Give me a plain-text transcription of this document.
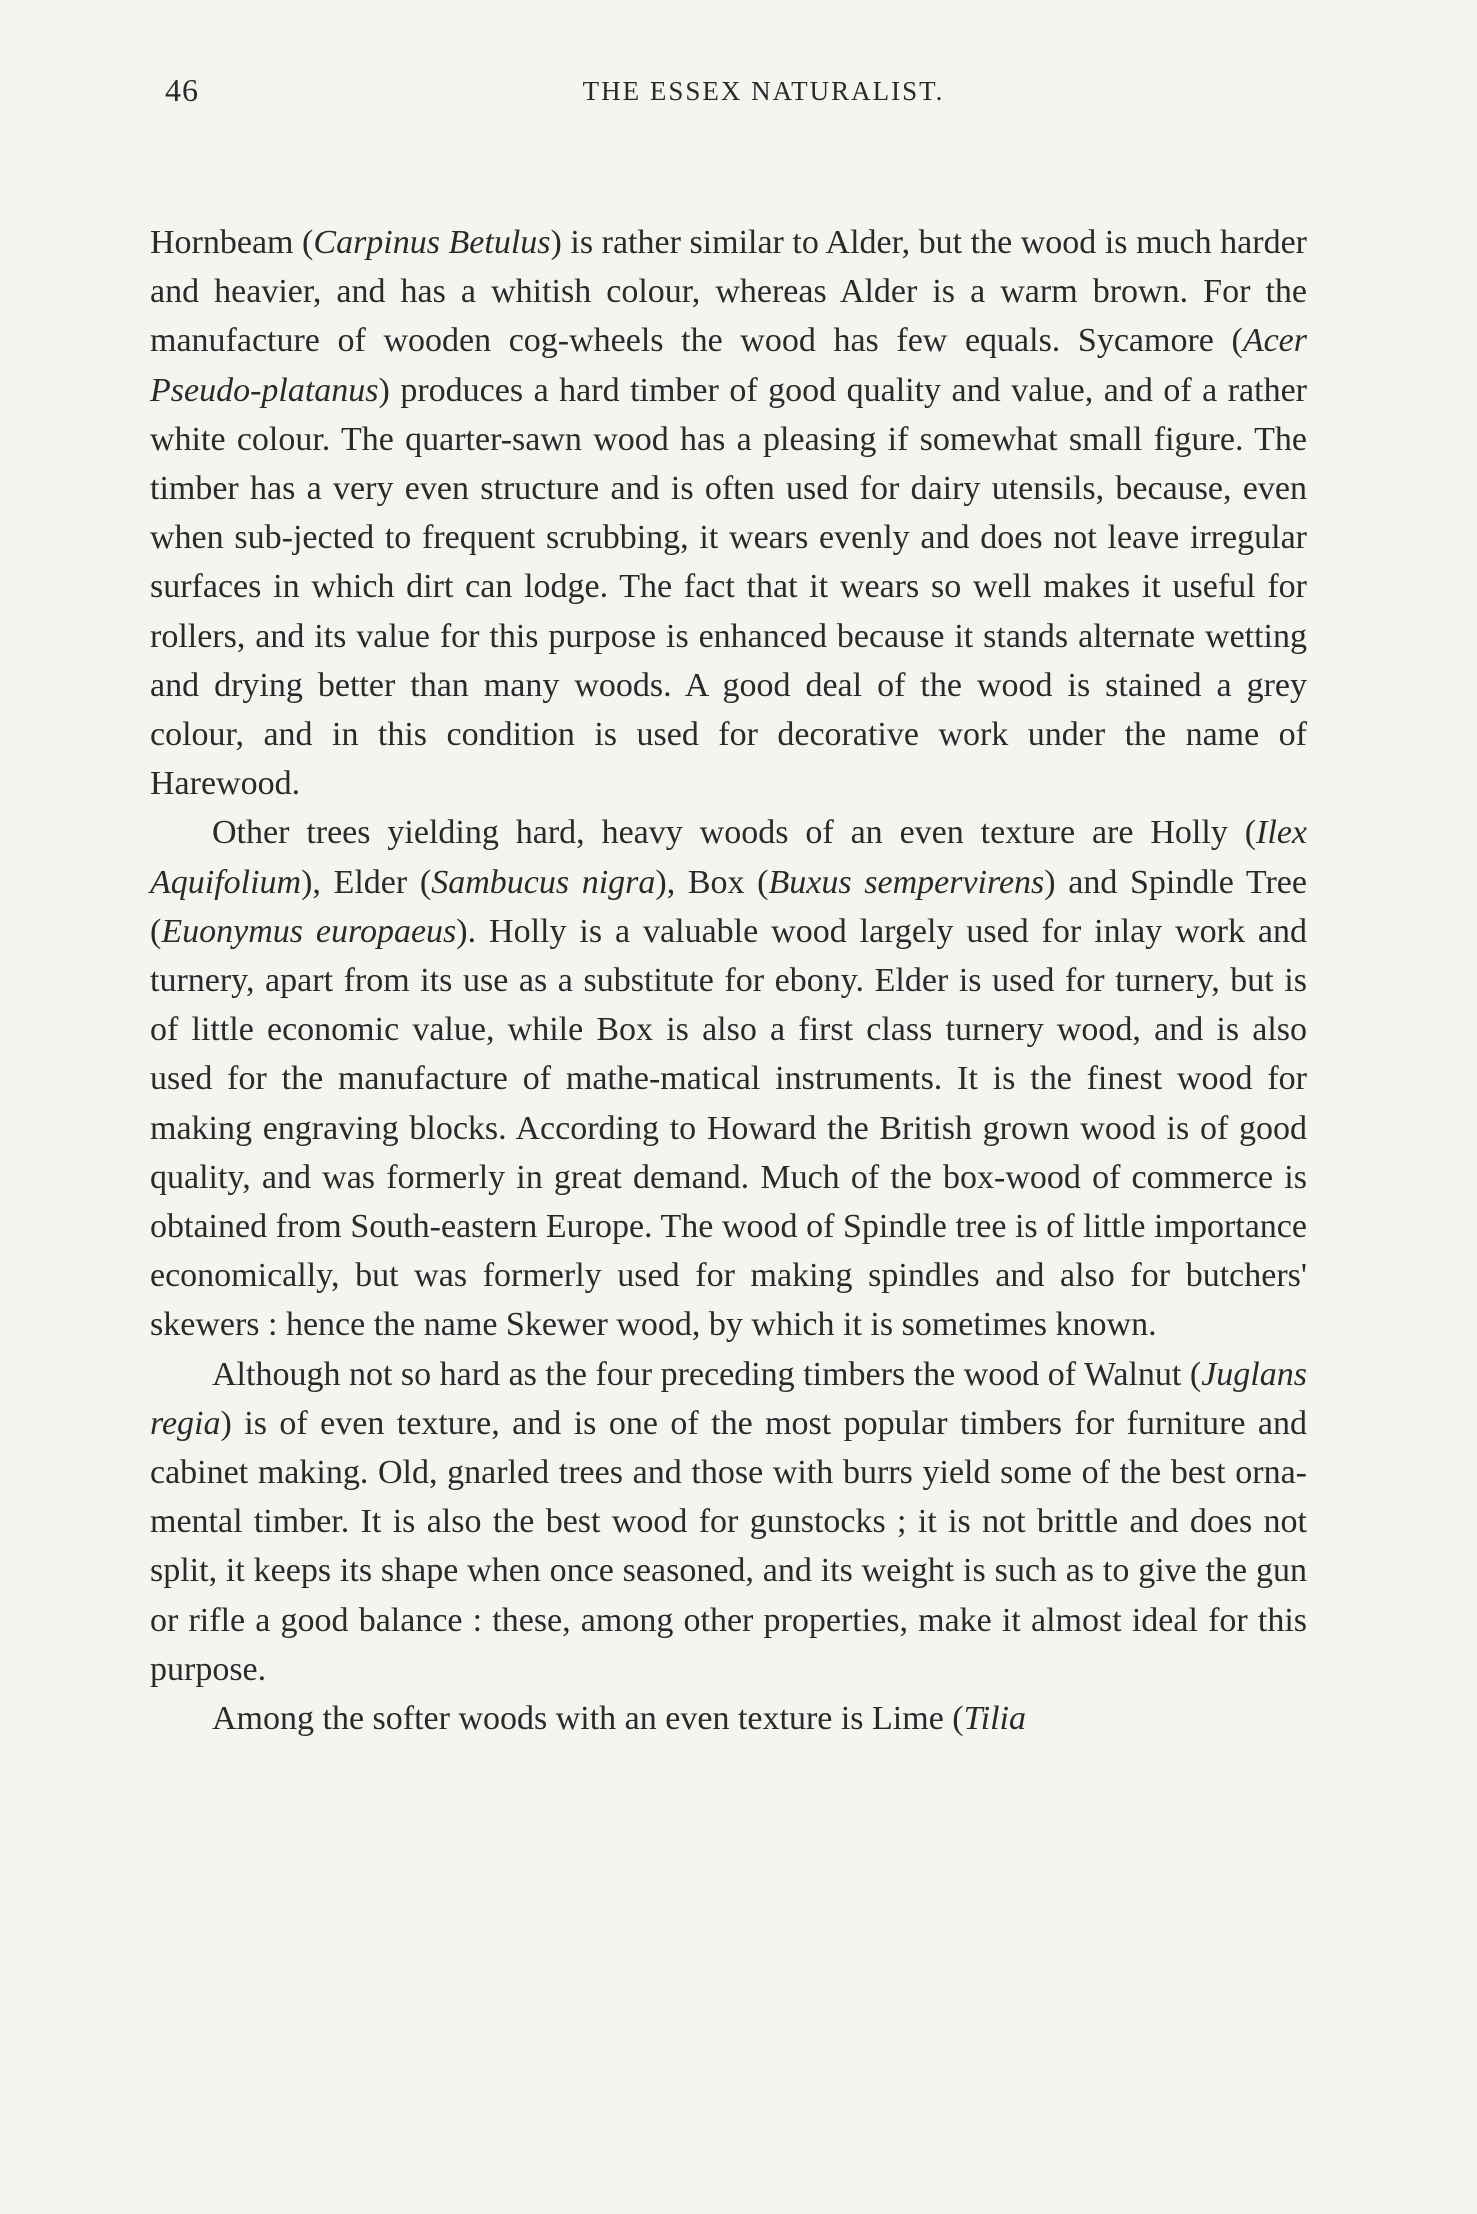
46	THE ESSEX NATURALIST.

Hornbeam (Carpinus Betulus) is rather similar to Alder, but the wood is much harder and heavier, and has a whitish colour, whereas Alder is a warm brown. For the manufacture of wooden cog-wheels the wood has few equals. Sycamore (Acer Pseudo-platanus) produces a hard timber of good quality and value, and of a rather white colour. The quarter-sawn wood has a pleasing if somewhat small figure. The timber has a very even structure and is often used for dairy utensils, because, even when sub-jected to frequent scrubbing, it wears evenly and does not leave irregular surfaces in which dirt can lodge. The fact that it wears so well makes it useful for rollers, and its value for this purpose is enhanced because it stands alternate wetting and drying better than many woods. A good deal of the wood is stained a grey colour, and in this condition is used for decorative work under the name of Harewood.

Other trees yielding hard, heavy woods of an even texture are Holly (Ilex Aquifolium), Elder (Sambucus nigra), Box (Buxus sempervirens) and Spindle Tree (Euonymus europaeus). Holly is a valuable wood largely used for inlay work and turnery, apart from its use as a substitute for ebony. Elder is used for turnery, but is of little economic value, while Box is also a first class turnery wood, and is also used for the manufacture of mathe-matical instruments. It is the finest wood for making engraving blocks. According to Howard the British grown wood is of good quality, and was formerly in great demand. Much of the box-wood of commerce is obtained from South-eastern Europe. The wood of Spindle tree is of little importance economically, but was formerly used for making spindles and also for butchers' skewers : hence the name Skewer wood, by which it is sometimes known.

Although not so hard as the four preceding timbers the wood of Walnut (Juglans regia) is of even texture, and is one of the most popular timbers for furniture and cabinet making. Old, gnarled trees and those with burrs yield some of the best orna-mental timber. It is also the best wood for gunstocks ; it is not brittle and does not split, it keeps its shape when once seasoned, and its weight is such as to give the gun or rifle a good balance : these, among other properties, make it almost ideal for this purpose.

Among the softer woods with an even texture is Lime (Tilia
